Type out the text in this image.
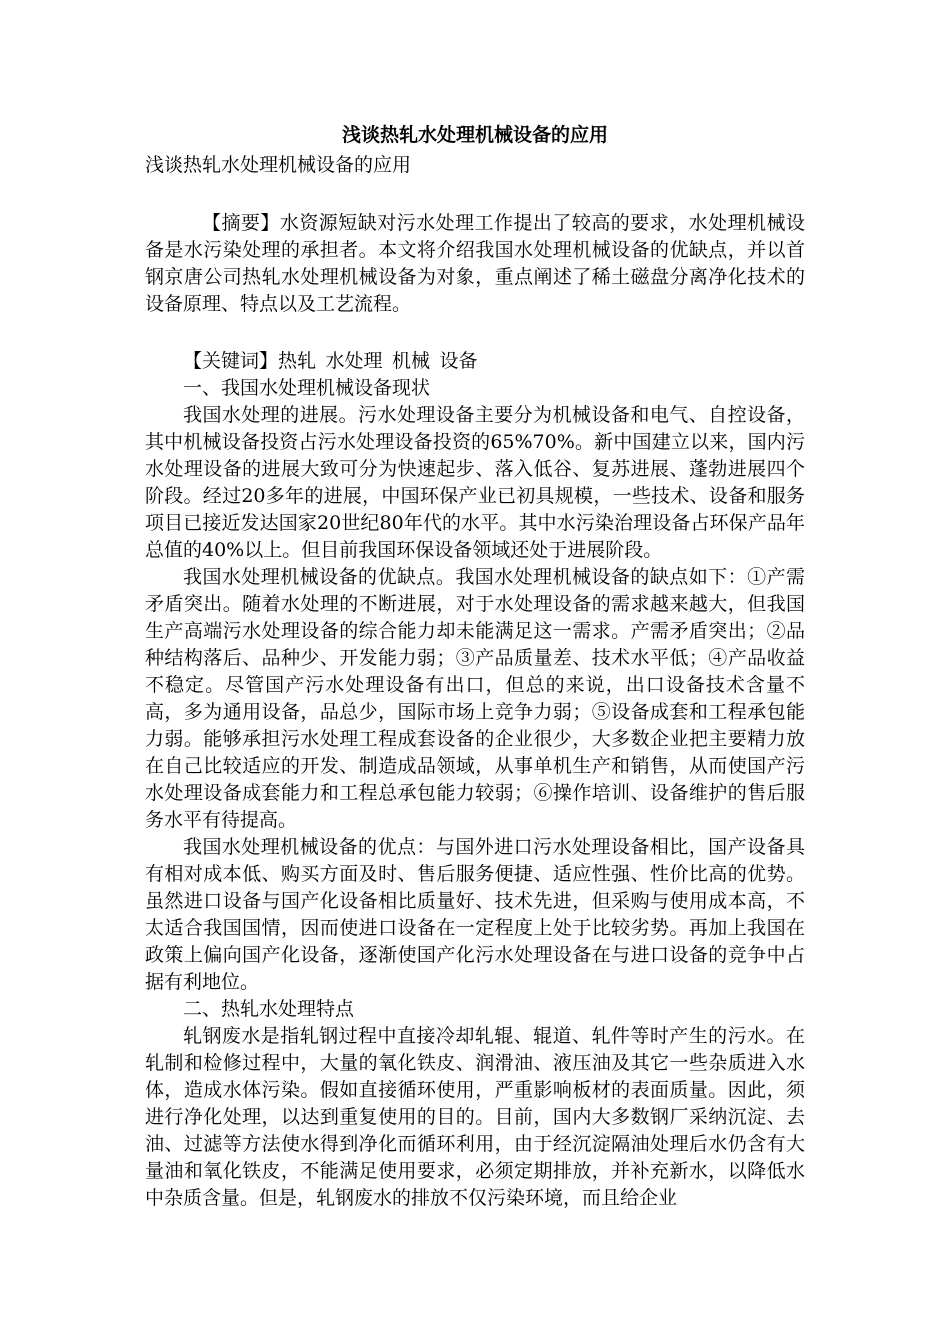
浅谈热轧水处理机械设备的应用
浅谈热轧水处理机械设备的应用

【摘要】水资源短缺对污水处理工作提出了较高的要求，水处理机械设备是水污染处理的承担者。本文将介绍我国水处理机械设备的优缺点，并以首钢京唐公司热轧水处理机械设备为对象，重点阐述了稀土磁盘分离净化技术的设备原理、特点以及工艺流程。

【关键词】热轧 水处理 机械 设备

一、我国水处理机械设备现状

我国水处理的进展。污水处理设备主要分为机械设备和电气、自控设备，其中机械设备投资占污水处理设备投资的65%70%。新中国建立以来，国内污水处理设备的进展大致可分为快速起步、落入低谷、复苏进展、蓬勃进展四个阶段。经过20多年的进展，中国环保产业已初具规模，一些技术、设备和服务项目已接近发达国家20世纪80年代的水平。其中水污染治理设备占环保产品年总值的40%以上。但目前我国环保设备领域还处于进展阶段。

我国水处理机械设备的优缺点。我国水处理机械设备的缺点如下：①产需矛盾突出。随着水处理的不断进展，对于水处理设备的需求越来越大，但我国生产高端污水处理设备的综合能力却未能满足这一需求。产需矛盾突出；②品种结构落后、品种少、开发能力弱；③产品质量差、技术水平低；④产品收益不稳定。尽管国产污水处理设备有出口，但总的来说，出口设备技术含量不高，多为通用设备，品总少，国际市场上竞争力弱；⑤设备成套和工程承包能力弱。能够承担污水处理工程成套设备的企业很少，大多数企业把主要精力放在自己比较适应的开发、制造成品领域，从事单机生产和销售，从而使国产污水处理设备成套能力和工程总承包能力较弱；⑥操作培训、设备维护的售后服务水平有待提高。

我国水处理机械设备的优点：与国外进口污水处理设备相比，国产设备具有相对成本低、购买方面及时、售后服务便捷、适应性强、性价比高的优势。虽然进口设备与国产化设备相比质量好、技术先进，但采购与使用成本高，不太适合我国国情，因而使进口设备在一定程度上处于比较劣势。再加上我国在政策上偏向国产化设备，逐渐使国产化污水处理设备在与进口设备的竞争中占据有利地位。

二、热轧水处理特点

轧钢废水是指轧钢过程中直接冷却轧辊、辊道、轧件等时产生的污水。在轧制和检修过程中，大量的氧化铁皮、润滑油、液压油及其它一些杂质进入水体，造成水体污染。假如直接循环使用，严重影响板材的表面质量。因此，须进行净化处理，以达到重复使用的目的。目前，国内大多数钢厂采纳沉淀、去油、过滤等方法使水得到净化而循环利用，由于经沉淀隔油处理后水仍含有大量油和氧化铁皮，不能满足使用要求，必须定期排放，并补充新水，以降低水中杂质含量。但是，轧钢废水的排放不仅污染环境，而且给企业
